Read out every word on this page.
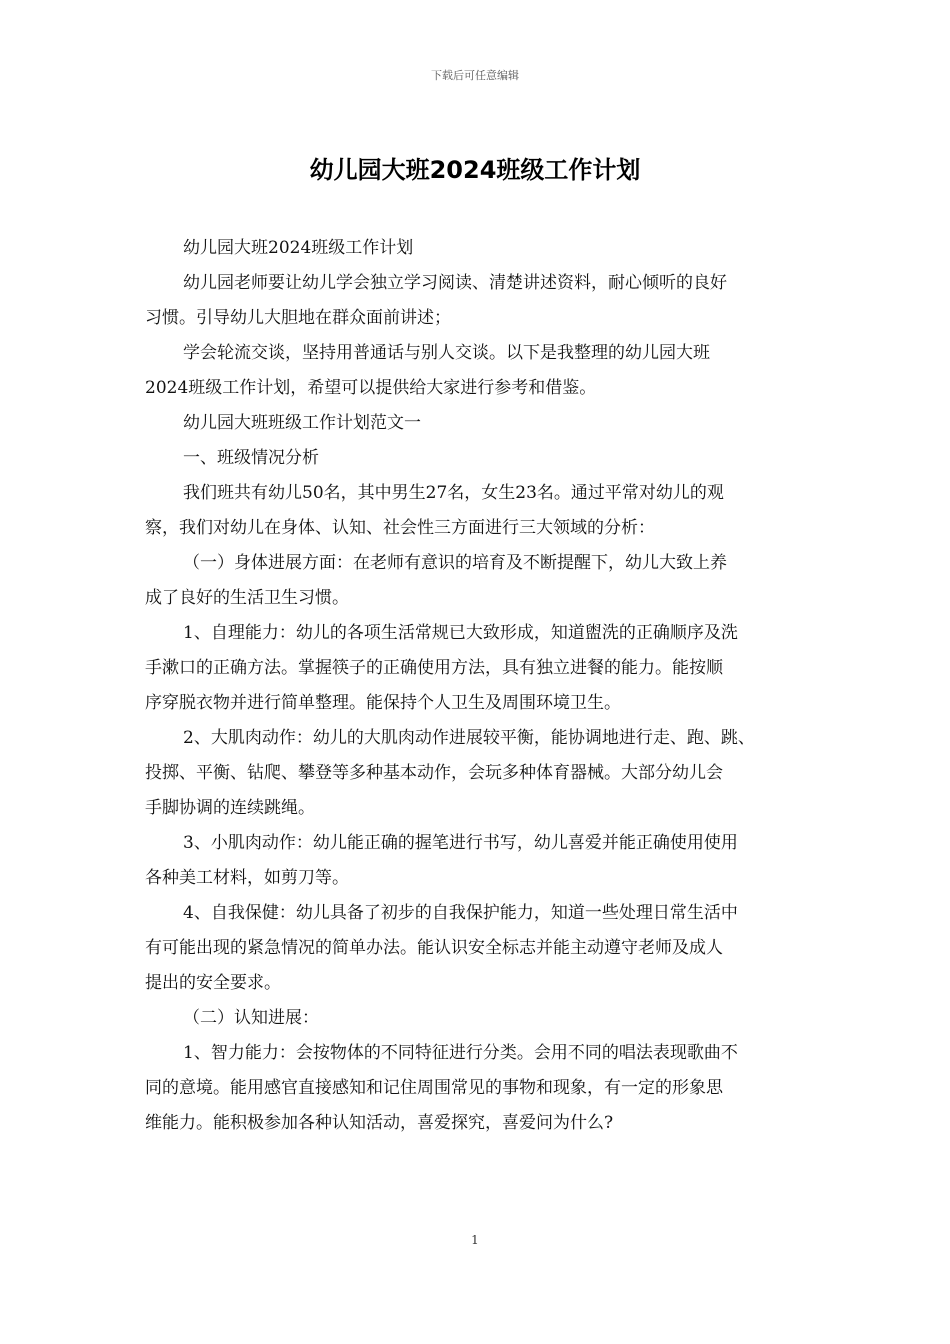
下载后可任意编辑
幼儿园大班2024班级工作计划

幼儿园大班2024班级工作计划

幼儿园老师要让幼儿学会独立学习阅读、清楚讲述资料，耐心倾听的良好
习惯。引导幼儿大胆地在群众面前讲述；

学会轮流交谈，坚持用普通话与别人交谈。以下是我整理的幼儿园大班
2024班级工作计划，希望可以提供给大家进行参考和借鉴。

幼儿园大班班级工作计划范文一

一、班级情况分析

我们班共有幼儿50名，其中男生27名，女生23名。通过平常对幼儿的观
察，我们对幼儿在身体、认知、社会性三方面进行三大领域的分析：

（一）身体进展方面：在老师有意识的培育及不断提醒下，幼儿大致上养
成了良好的生活卫生习惯。

1、自理能力：幼儿的各项生活常规已大致形成，知道盥洗的正确顺序及洗
手漱口的正确方法。掌握筷子的正确使用方法，具有独立进餐的能力。能按顺
序穿脱衣物并进行简单整理。能保持个人卫生及周围环境卫生。

2、大肌肉动作：幼儿的大肌肉动作进展较平衡，能协调地进行走、跑、跳、
投掷、平衡、钻爬、攀登等多种基本动作，会玩多种体育器械。大部分幼儿会
手脚协调的连续跳绳。

3、小肌肉动作：幼儿能正确的握笔进行书写，幼儿喜爱并能正确使用使用
各种美工材料，如剪刀等。

4、自我保健：幼儿具备了初步的自我保护能力，知道一些处理日常生活中
有可能出现的紧急情况的简单办法。能认识安全标志并能主动遵守老师及成人
提出的安全要求。

（二）认知进展：

1、智力能力：会按物体的不同特征进行分类。会用不同的唱法表现歌曲不
同的意境。能用感官直接感知和记住周围常见的事物和现象，有一定的形象思
维能力。能积极参加各种认知活动，喜爱探究，喜爱问为什么?

1
